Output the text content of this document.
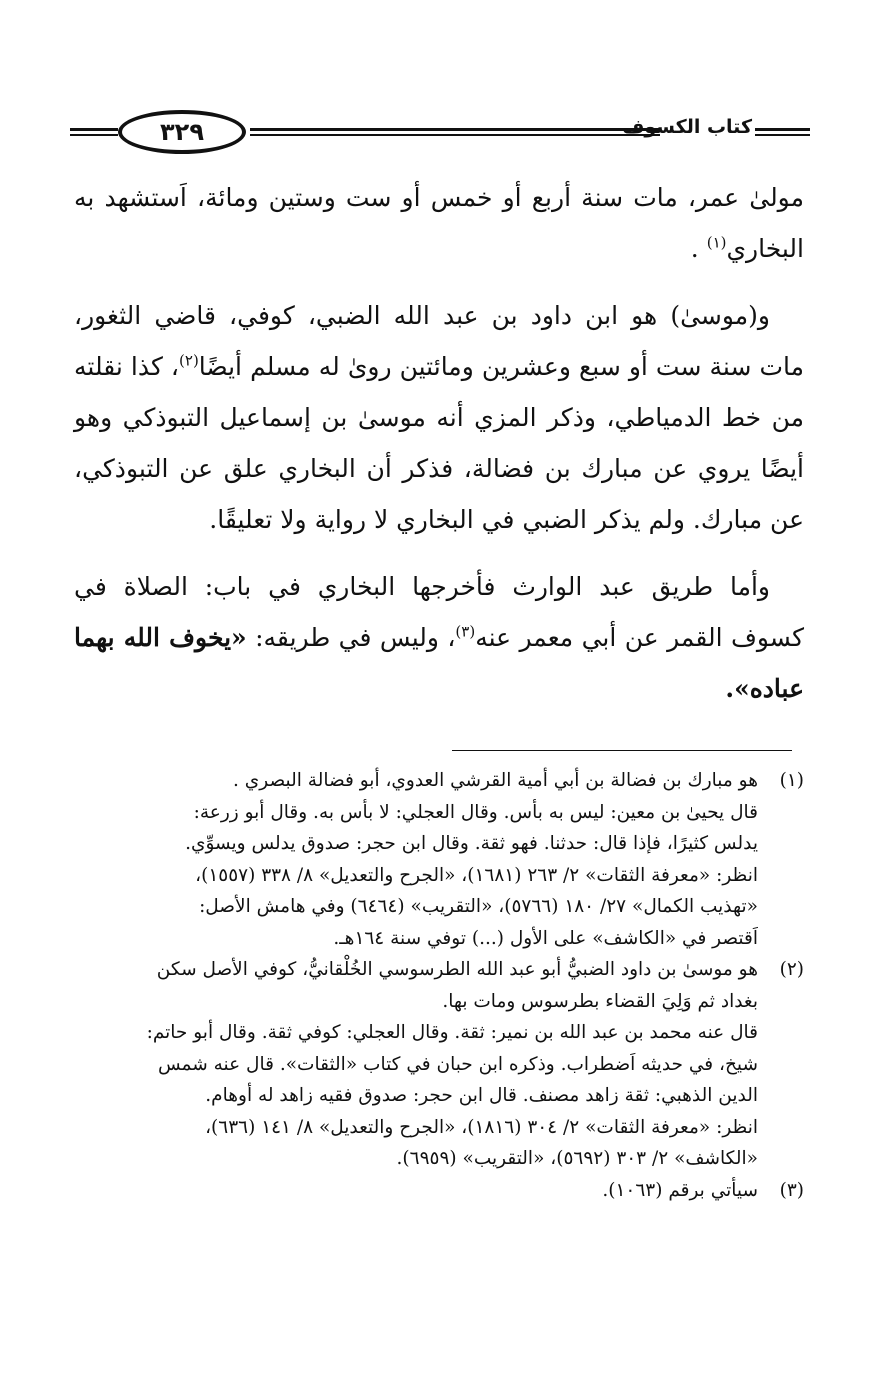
٣٢٩	كتاب الكسوف

مولىٰ عمر، مات سنة أربع أو خمس أو ست وستين ومائة، اَستشهد به البخاري$^{(١)}$ .

و(موسىٰ) هو ابن داود بن عبد الله الضبي، كوفي، قاضي الثغور، مات سنة ست أو سبع وعشرين ومائتين روىٰ له مسلم أيضًا$^{(٢)}$، كذا نقلته من خط الدمياطي، وذكر المزي أنه موسىٰ بن إسماعيل التبوذكي وهو أيضًا يروي عن مبارك بن فضالة، فذكر أن البخاري علق عن التبوذكي، عن مبارك. ولم يذكر الضبي في البخاري لا رواية ولا تعليقًا.

وأما طريق عبد الوارث فأخرجها البخاري في باب: الصلاة في كسوف القمر عن أبي معمر عنه$^{(٣)}$، وليس في طريقه: «يخوف الله بهما عباده».

(١)
هو مبارك بن فضالة بن أبي أمية القرشي العدوي، أبو فضالة البصري .
قال يحيىٰ بن معين: ليس به بأس. وقال العجلي: لا بأس به. وقال أبو زرعة:
يدلس كثيرًا، فإذا قال: حدثنا. فهو ثقة. وقال ابن حجر: صدوق يدلس ويسوِّي.
انظر: «معرفة الثقات» ٢/ ٢٦٣ (١٦٨١)، «الجرح والتعديل» ٨/ ٣٣٨ (١٥٥٧)،
«تهذيب الكمال» ٢٧/ ١٨٠ (٥٧٦٦)، «التقريب» (٦٤٦٤) وفي هامش الأصل:
اَقتصر في «الكاشف» على الأول (...) توفي سنة ١٦٤هـ.
(٢)
هو موسىٰ بن داود الضبيُّ أبو عبد الله الطرسوسي الخُلْقانيُّ، كوفي الأصل سكن
بغداد ثم وَلِيَ القضاء بطرسوس ومات بها.
قال عنه محمد بن عبد الله بن نمير: ثقة. وقال العجلي: كوفي ثقة. وقال أبو حاتم:
شيخ، في حديثه اَضطراب. وذكره ابن حبان في كتاب «الثقات». قال عنه شمس
الدين الذهبي: ثقة زاهد مصنف. قال ابن حجر: صدوق فقيه زاهد له أوهام.
انظر: «معرفة الثقات» ٢/ ٣٠٤ (١٨١٦)، «الجرح والتعديل» ٨/ ١٤١ (٦٣٦)،
«الكاشف» ٢/ ٣٠٣ (٥٦٩٢)، «التقريب» (٦٩٥٩).
(٣)
سيأتي برقم (١٠٦٣).
